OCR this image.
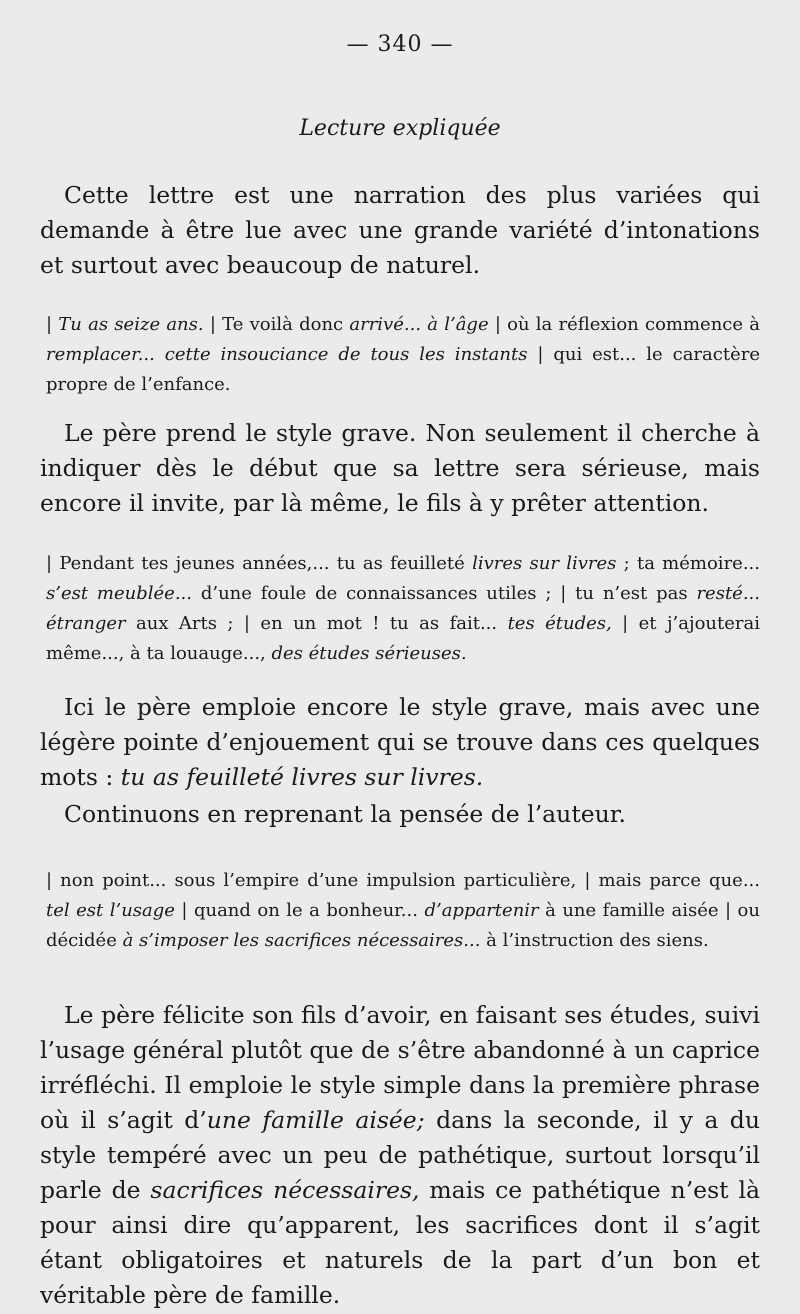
— 340 —
Lecture expliquée

Cette lettre est une narration des plus variées qui demande à être lue avec une grande variété d’intonations et surtout avec beaucoup de naturel.

| Tu as seize ans. | Te voilà donc arrivé... à l’âge | où la réflexion commence à remplacer... cette insouciance de tous les instants | qui est... le caractère propre de l’enfance.

Le père prend le style grave. Non seulement il cherche à indiquer dès le début que sa lettre sera sérieuse, mais encore il invite, par là même, le fils à y prêter attention.

| Pendant tes jeunes années,... tu as feuilleté livres sur livres ; ta mémoire... s’est meublée... d’une foule de connaissances utiles ; | tu n’est pas resté... étranger aux Arts ; | en un mot ! tu as fait... tes études, | et j’ajouterai même..., à ta louauge..., des études sérieuses.

Ici le père emploie encore le style grave, mais avec une légère pointe d’enjouement qui se trouve dans ces quelques mots : tu as feuilleté livres sur livres.

Continuons en reprenant la pensée de l’auteur.

| non point... sous l’empire d’une impulsion particulière, | mais parce que... tel est l’usage | quand on le a bonheur... d’appartenir à une famille aisée | ou décidée à s’imposer les sacrifices nécessaires... à l’instruction des siens.

Le père félicite son fils d’avoir, en faisant ses études, suivi l’usage général plutôt que de s’être abandonné à un caprice irréfléchi. Il emploie le style simple dans la première phrase où il s’agit d’une famille aisée; dans la seconde, il y a du style tempéré avec un peu de pathétique, surtout lorsqu’il parle de sacrifices nécessaires, mais ce pathétique n’est là pour ainsi dire qu’apparent, les sacrifices dont il s’agit étant obligatoires et naturels de la part d’un bon et véritable père de famille.
